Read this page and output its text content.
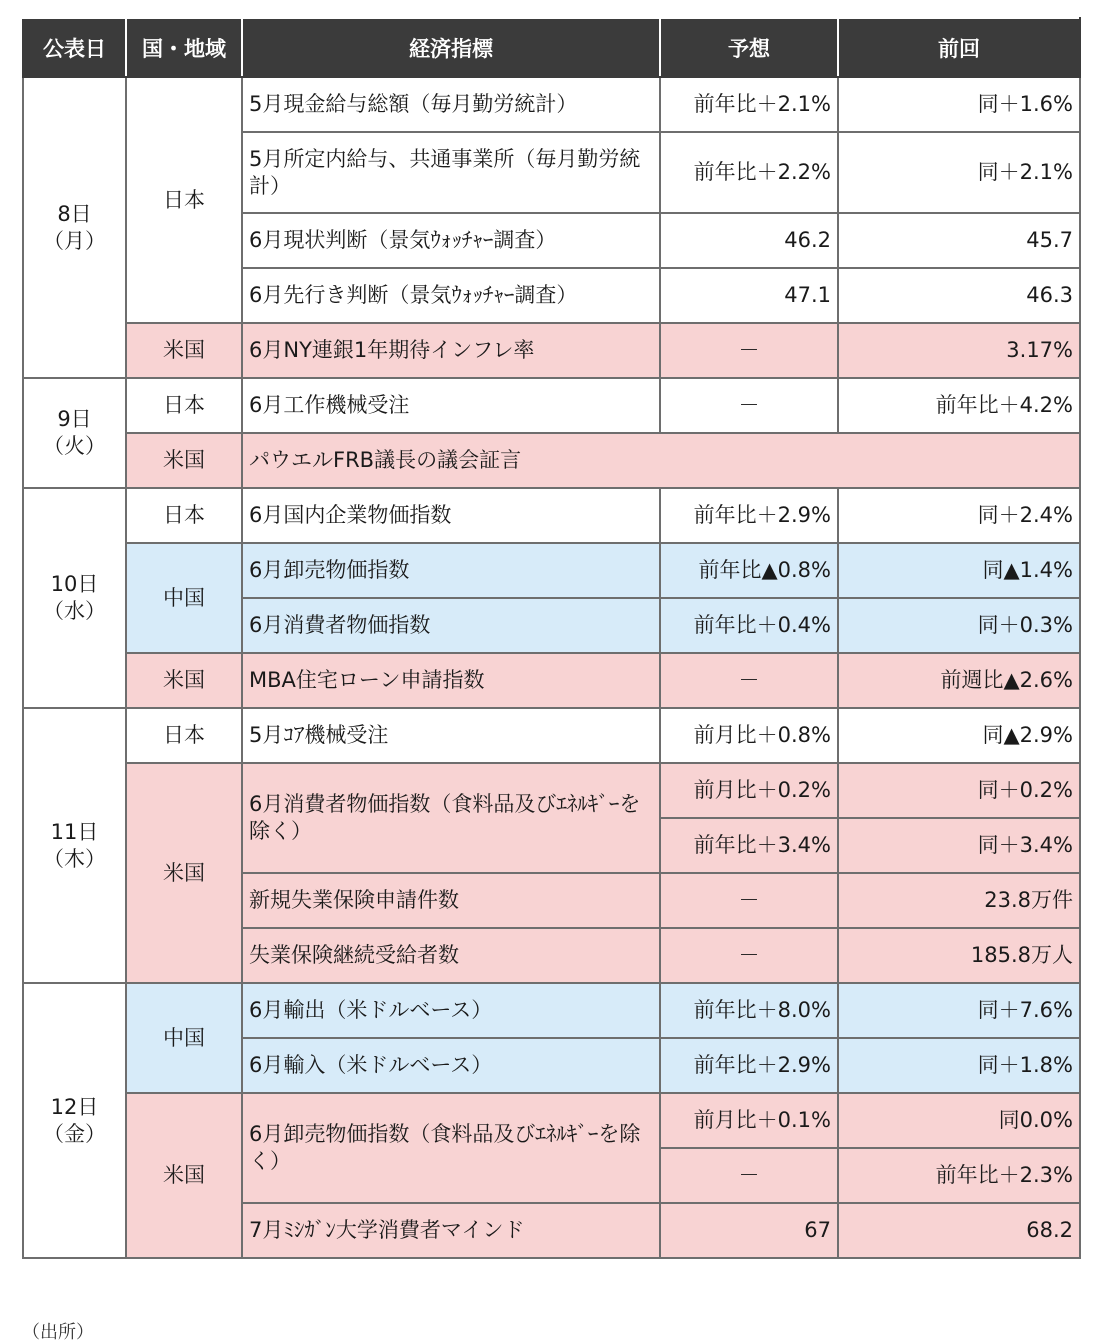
公表日	国・地域	経済指標	予想	前回
8日
（月）	日本	5月現金給与総額（毎月勤労統計）	前年比＋2.1%	同＋1.6%
		5月所定内給与、共通事業所（毎月勤労統計）	前年比＋2.2%	同＋2.1%
		6月現状判断（景気ｳｫｯﾁｬｰ調査）	46.2	45.7
		6月先行き判断（景気ｳｫｯﾁｬｰ調査）	47.1	46.3
	米国	6月NY連銀1年期待インフレ率	－	3.17%
9日
（火）	日本	6月工作機械受注	－	前年比＋4.2%
	米国	パウエルFRB議長の議会証言		
10日
（水）	日本	6月国内企業物価指数	前年比＋2.9%	同＋2.4%
	中国	6月卸売物価指数	前年比▲0.8%	同▲1.4%
		6月消費者物価指数	前年比＋0.4%	同＋0.3%
	米国	MBA住宅ローン申請指数	－	前週比▲2.6%
11日
（木）	日本	5月ｺｱ機械受注	前月比＋0.8%	同▲2.9%
	米国	6月消費者物価指数（食料品及びｴﾈﾙｷﾞｰを除く）	前月比＋0.2%	同＋0.2%
			前年比＋3.4%	同＋3.4%
		新規失業保険申請件数	－	23.8万件
		失業保険継続受給者数	－	185.8万人
12日
（金）	中国	6月輸出（米ドルベース）	前年比＋8.0%	同＋7.6%
		6月輸入（米ドルベース）	前年比＋2.9%	同＋1.8%
	米国	6月卸売物価指数（食料品及びｴﾈﾙｷﾞｰを除く）	前月比＋0.1%	同0.0%
			－	前年比＋2.3%
		7月ﾐｼｶﾞﾝ大学消費者マインド	67	68.2
（出所）
